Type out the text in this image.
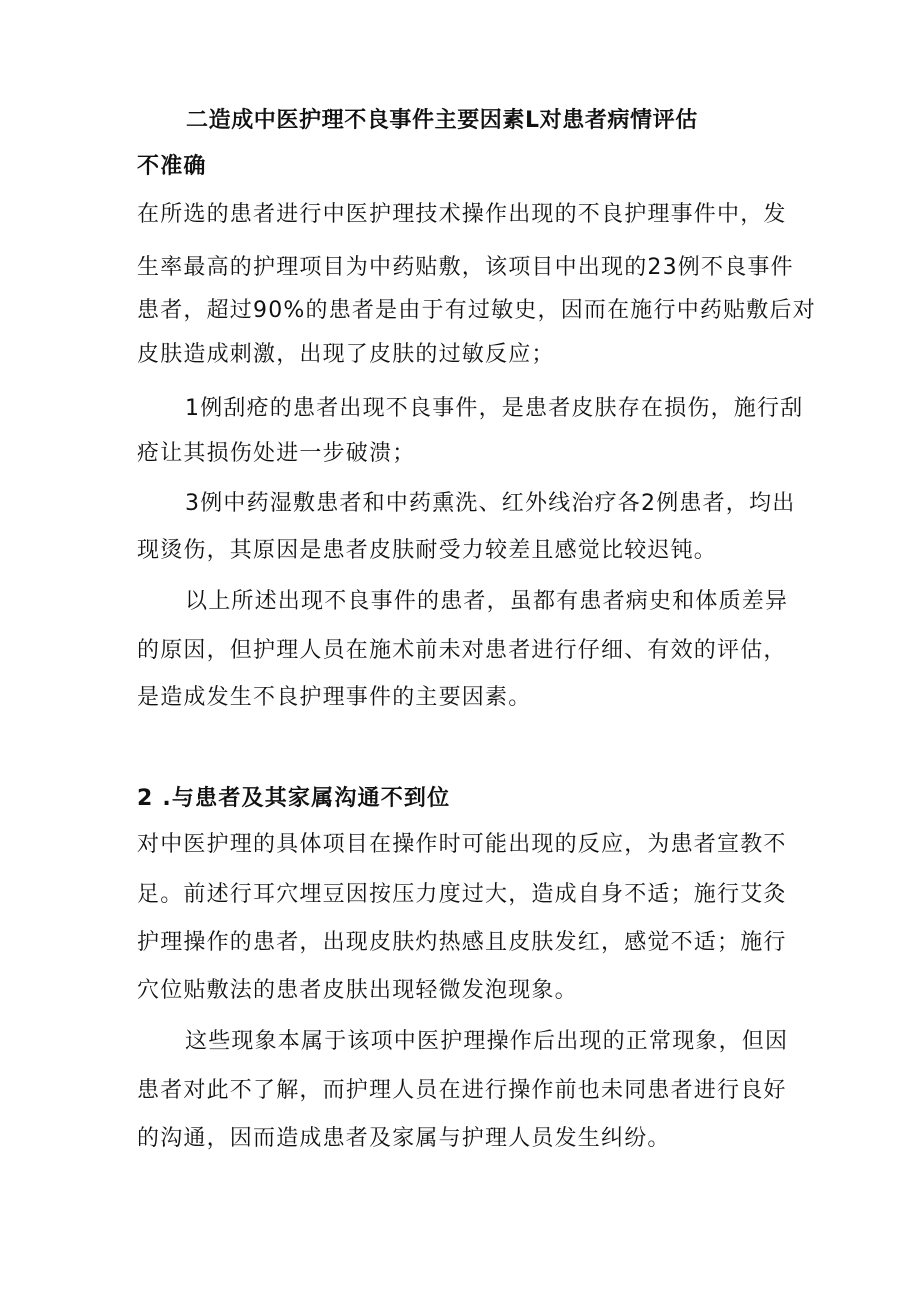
二造成中医护理不良事件主要因素L对患者病情评估
不准确
在所选的患者进行中医护理技术操作出现的不良护理事件中，发
生率最高的护理项目为中药贴敷，该项目中出现的23例不良事件
患者，超过90%的患者是由于有过敏史，因而在施行中药贴敷后对
皮肤造成刺激，出现了皮肤的过敏反应；
1例刮疮的患者出现不良事件，是患者皮肤存在损伤，施行刮
疮让其损伤处进一步破溃；
3例中药湿敷患者和中药熏洗、红外线治疗各2例患者，均出
现烫伤，其原因是患者皮肤耐受力较差且感觉比较迟钝。
以上所述出现不良事件的患者，虽都有患者病史和体质差异
的原因，但护理人员在施术前未对患者进行仔细、有效的评估，
是造成发生不良护理事件的主要因素。
2 .与患者及其家属沟通不到位
对中医护理的具体项目在操作时可能出现的反应，为患者宣教不
足。前述行耳穴埋豆因按压力度过大，造成自身不适；施行艾灸
护理操作的患者，出现皮肤灼热感且皮肤发红，感觉不适；施行
穴位贴敷法的患者皮肤出现轻微发泡现象。
这些现象本属于该项中医护理操作后出现的正常现象，但因
患者对此不了解，而护理人员在进行操作前也未同患者进行良好
的沟通，因而造成患者及家属与护理人员发生纠纷。
